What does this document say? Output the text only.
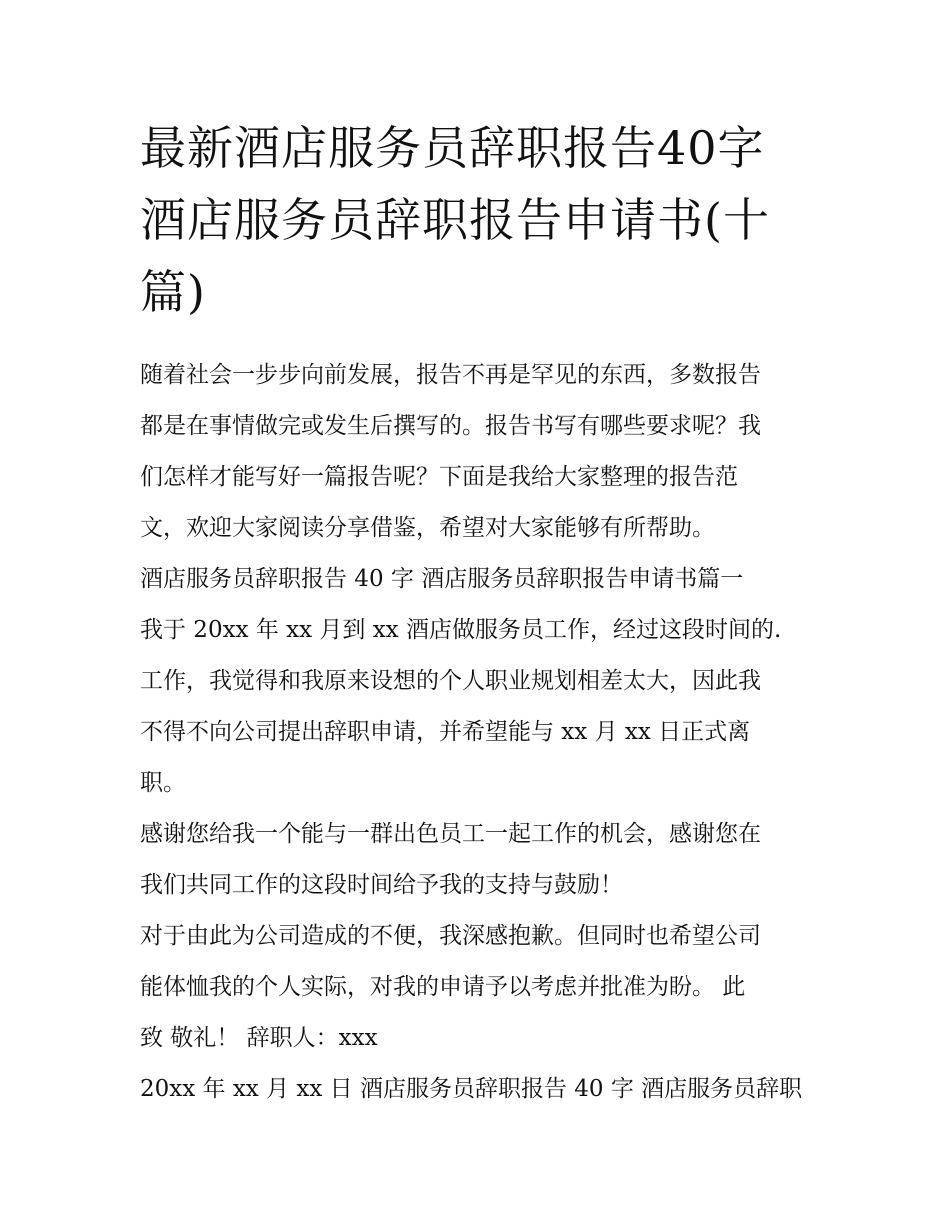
最新酒店服务员辞职报告40字
酒店服务员辞职报告申请书(十
篇)
随着社会一步步向前发展，报告不再是罕见的东西，多数报告
都是在事情做完或发生后撰写的。报告书写有哪些要求呢？我
们怎样才能写好一篇报告呢？下面是我给大家整理的报告范
文，欢迎大家阅读分享借鉴，希望对大家能够有所帮助。
酒店服务员辞职报告 40 字 酒店服务员辞职报告申请书篇一
我于 20xx 年 xx 月到 xx 酒店做服务员工作，经过这段时间的.
工作，我觉得和我原来设想的个人职业规划相差太大，因此我
不得不向公司提出辞职申请，并希望能与 xx 月 xx 日正式离
职。
感谢您给我一个能与一群出色员工一起工作的机会，感谢您在
我们共同工作的这段时间给予我的支持与鼓励！
对于由此为公司造成的不便，我深感抱歉。但同时也希望公司
能体恤我的个人实际，对我的申请予以考虑并批准为盼。 此
致 敬礼！ 辞职人：xxx
20xx 年 xx 月 xx 日 酒店服务员辞职报告 40 字 酒店服务员辞职
